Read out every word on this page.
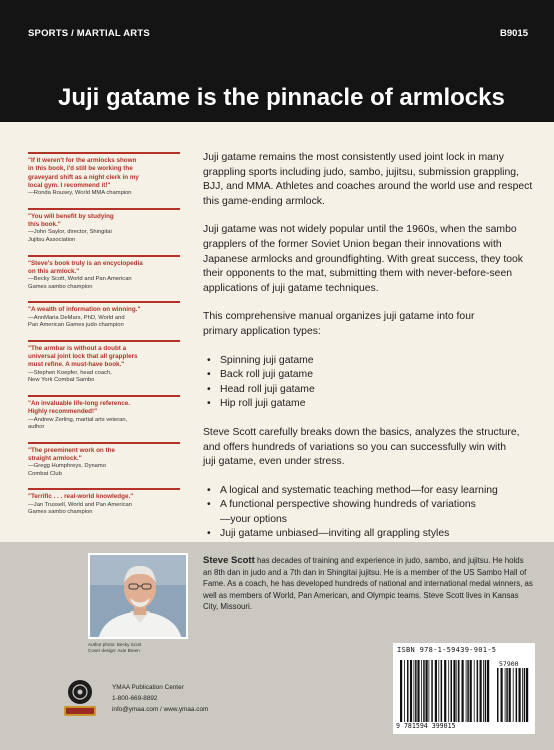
SPORTS / MARTIAL ARTS	B9015
Juji gatame is the pinnacle of armlocks
"If it weren't for the armlocks shown
in this book, I'd still be working the
graveyard shift as a night clerk in my
local gym. I recommend it!"
—Ronda Rousey, World MMA champion
"You will benefit by studying
this book."
—John Saylor, director, Shingitai
Jujitsu Association
"Steve's book truly is an encyclopedia
on this armlock."
—Becky Scott, World and Pan American
Games sambo champion
"A wealth of information on winning."
—AnnMaria DeMars, PhD, World and
Pan American Games judo champion
"The armbar is without a doubt a
universal joint lock that all grapplers
must refine. A must-have book."
—Stephen Koepfer, head coach,
New York Combat Sambo
"An invaluable life-long reference.
Highly recommended!"
—Andrew Zerling, martial arts veteran,
author
"The preeminent work on the
straight armlock."
—Gregg Humphreys, Dynamo
Combat Club
"Terrific . . . real-world knowledge."
—Jan Trussell, World and Pan American
Games sambo champion

Juji gatame remains the most consistently used joint lock in many
grappling sports including judo, sambo, jujitsu, submission grappling,
BJJ, and MMA. Athletes and coaches around the world use and respect
this game-ending armlock.

Juji gatame was not widely popular until the 1960s, when the sambo
grapplers of the former Soviet Union began their innovations with
Japanese armlocks and groundfighting. With great success, they took
their opponents to the mat, submitting them with never-before-seen
applications of juji gatame techniques.

This comprehensive manual organizes juji gatame into four
primary application types:

• Spinning juji gatame
• Back roll juji gatame
• Head roll juji gatame
• Hip roll juji gatame

Steve Scott carefully breaks down the basics, analyzes the structure,
and offers hundreds of variations so you can successfully win with
juji gatame, even under stress.

• A logical and systematic teaching method—for easy learning
• A functional perspective showing hundreds of variations
—your options
• Juji gatame unbiased—inviting all grappling styles
•
Author photo: Becky Scott
Cover design: Axie Breen
Steve Scott has decades of training and experience in judo, sambo, and jujitsu. He holds an 8th dan in judo and a 7th dan in Shingitai jujitsu. He is a member of the US Sambo Hall of Fame. As a coach, he has developed hundreds of national and international medal winners, as well as members of World, Pan American, and Olympic teams. Steve Scott lives in Kansas City, Missouri.
YMAA Publication Center
1-800-669-8892
info@ymaa.com / www.ymaa.com
ISBN 978-1-59439-901-5
57900
9 781594 399015
